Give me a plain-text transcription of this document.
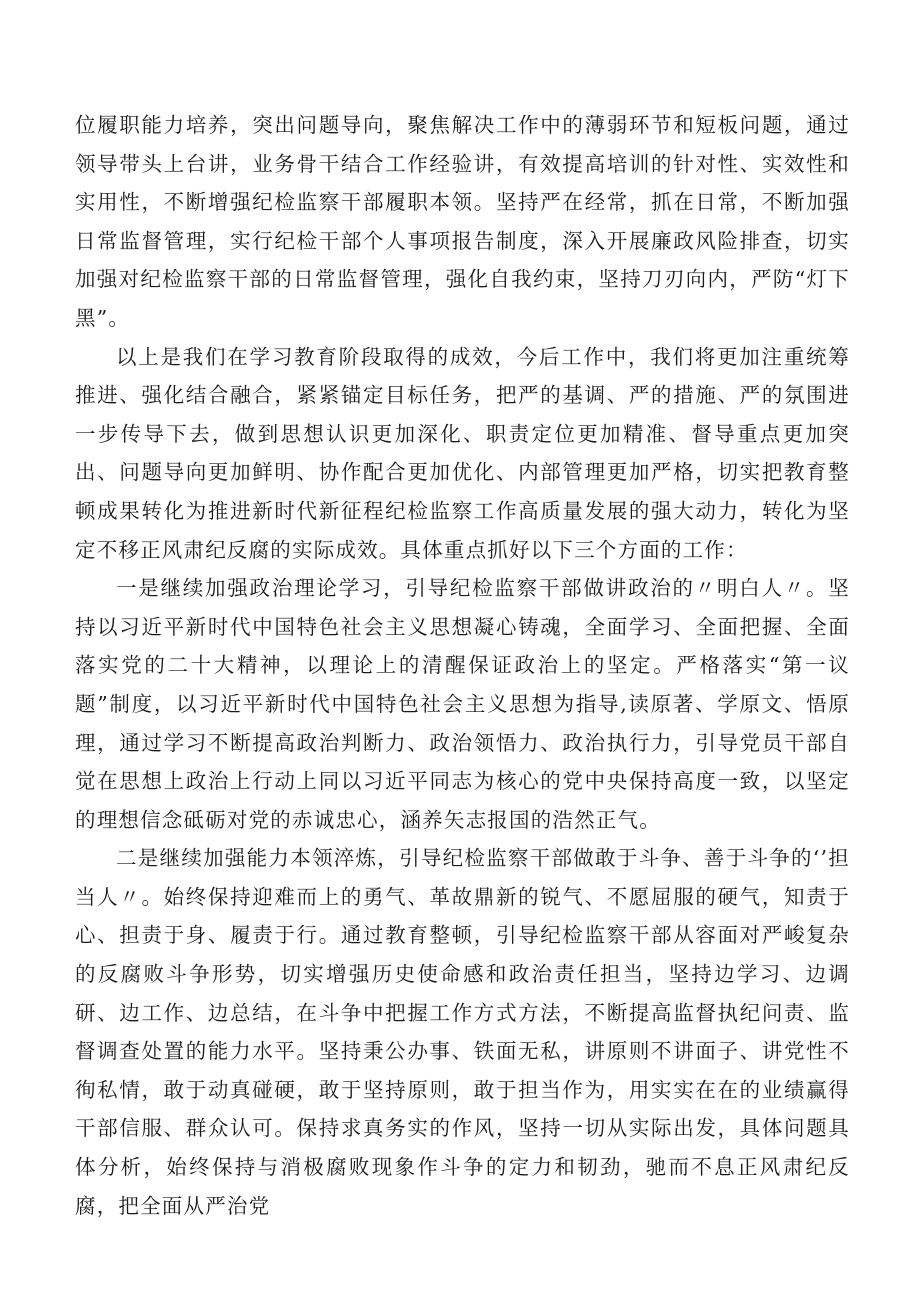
位履职能力培养，突出问题导向，聚焦解决工作中的薄弱环节和短板问题，通过领导带头上台讲，业务骨干结合工作经验讲，有效提高培训的针对性、实效性和实用性，不断增强纪检监察干部履职本领。坚持严在经常，抓在日常，不断加强日常监督管理，实行纪检干部个人事项报告制度，深入开展廉政风险排查，切实加强对纪检监察干部的日常监督管理，强化自我约束，坚持刀刃向内，严防“灯下黑”。

以上是我们在学习教育阶段取得的成效，今后工作中，我们将更加注重统筹推进、强化结合融合，紧紧锚定目标任务，把严的基调、严的措施、严的氛围进一步传导下去，做到思想认识更加深化、职责定位更加精准、督导重点更加突出、问题导向更加鲜明、协作配合更加优化、内部管理更加严格，切实把教育整顿成果转化为推进新时代新征程纪检监察工作高质量发展的强大动力，转化为坚定不移正风肃纪反腐的实际成效。具体重点抓好以下三个方面的工作：

一是继续加强政治理论学习，引导纪检监察干部做讲政治的〃明白人〃。坚持以习近平新时代中国特色社会主义思想凝心铸魂，全面学习、全面把握、全面落实党的二十大精神，以理论上的清醒保证政治上的坚定。严格落实“第一议题”制度，以习近平新时代中国特色社会主义思想为指导,读原著、学原文、悟原理，通过学习不断提高政治判断力、政治领悟力、政治执行力，引导党员干部自觉在思想上政治上行动上同以习近平同志为核心的党中央保持高度一致，以坚定的理想信念砥砺对党的赤诚忠心，涵养矢志报国的浩然正气。

二是继续加强能力本领淬炼，引导纪检监察干部做敢于斗争、善于斗争的‘’担当人〃。始终保持迎难而上的勇气、革故鼎新的锐气、不愿屈服的硬气，知责于心、担责于身、履责于行。通过教育整顿，引导纪检监察干部从容面对严峻复杂的反腐败斗争形势，切实增强历史使命感和政治责任担当，坚持边学习、边调研、边工作、边总结，在斗争中把握工作方式方法，不断提高监督执纪问责、监督调查处置的能力水平。坚持秉公办事、铁面无私，讲原则不讲面子、讲党性不徇私情，敢于动真碰硬，敢于坚持原则，敢于担当作为，用实实在在的业绩赢得干部信服、群众认可。保持求真务实的作风，坚持一切从实际出发，具体问题具体分析，始终保持与消极腐败现象作斗争的定力和韧劲，驰而不息正风肃纪反腐，把全面从严治党
